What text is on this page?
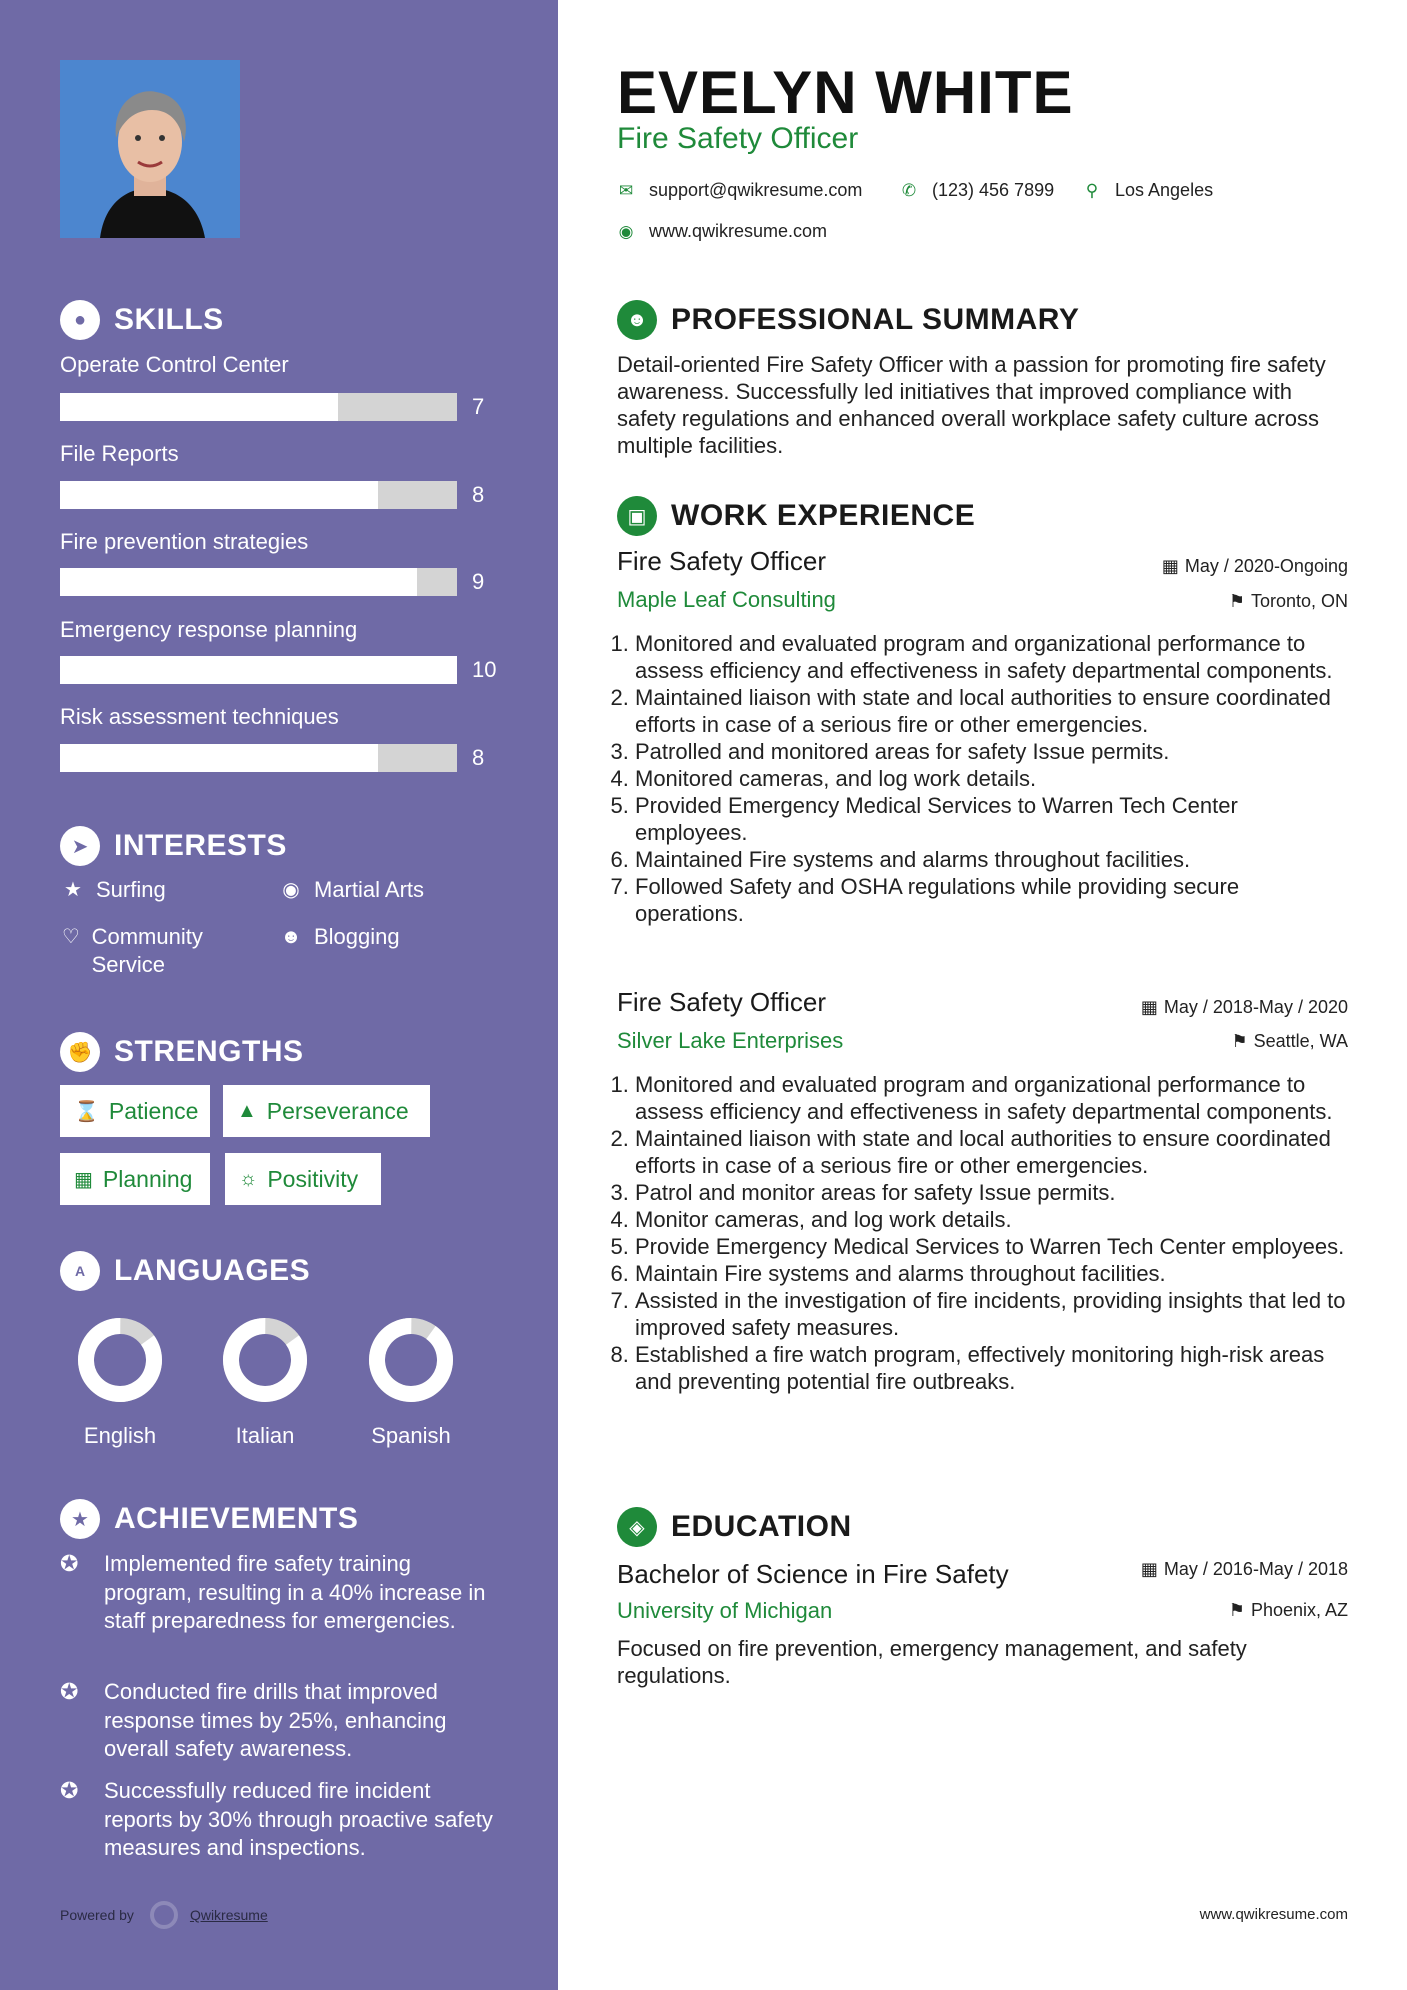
● SKILLS
Operate Control Center
7
File Reports
8
Fire prevention strategies
9
Emergency response planning
10
Risk assessment techniques
8
➤ INTERESTS
★ Surfing	◉ Martial Arts
♡ Community Service
☻ Blogging
✊ STRENGTHS
⌛ Patience ▲ Perseverance
▦ Planning ☼ Positivity
A LANGUAGES
English	Italian	Spanish
★ ACHIEVEMENTS
✪	Implemented fire safety training program, resulting in a 40% increase in staff preparedness for emergencies.
✪	Conducted fire drills that improved response times by 25%, enhancing overall safety awareness.
✪	Successfully reduced fire incident reports by 30% through proactive safety measures and inspections.
Powered by	Qwikresume
EVELYN WHITE
Fire Safety Officer
✉ support@qwikresume.com ✆ (123) 456 7899 ⚲ Los Angeles
◉ www.qwikresume.com
☻ PROFESSIONAL SUMMARY
Detail-oriented Fire Safety Officer with a passion for promoting fire safety awareness. Successfully led initiatives that improved compliance with safety regulations and enhanced overall workplace safety culture across multiple facilities.
▣ WORK EXPERIENCE
Fire Safety Officer	▦ May / 2020-Ongoing
Maple Leaf Consulting	⚑ Toronto, ON
1. Monitored and evaluated program and organizational performance to assess efficiency and effectiveness in safety departmental components.
2. Maintained liaison with state and local authorities to ensure coordinated efforts in case of a serious fire or other emergencies.
3. Patrolled and monitored areas for safety Issue permits.
4. Monitored cameras, and log work details.
5. Provided Emergency Medical Services to Warren Tech Center employees.
6. Maintained Fire systems and alarms throughout facilities.
7. Followed Safety and OSHA regulations while providing secure operations.
Fire Safety Officer	▦ May / 2018-May / 2020
Silver Lake Enterprises	⚑ Seattle, WA
1. Monitored and evaluated program and organizational performance to assess efficiency and effectiveness in safety departmental components.
2. Maintained liaison with state and local authorities to ensure coordinated efforts in case of a serious fire or other emergencies.
3. Patrol and monitor areas for safety Issue permits.
4. Monitor cameras, and log work details.
5. Provide Emergency Medical Services to Warren Tech Center employees.
6. Maintain Fire systems and alarms throughout facilities.
7. Assisted in the investigation of fire incidents, providing insights that led to improved safety measures.
8. Established a fire watch program, effectively monitoring high-risk areas and preventing potential fire outbreaks.
◈ EDUCATION
Bachelor of Science in Fire Safety	▦ May / 2016-May / 2018
University of Michigan	⚑ Phoenix, AZ
Focused on fire prevention, emergency management, and safety regulations.
www.qwikresume.com
